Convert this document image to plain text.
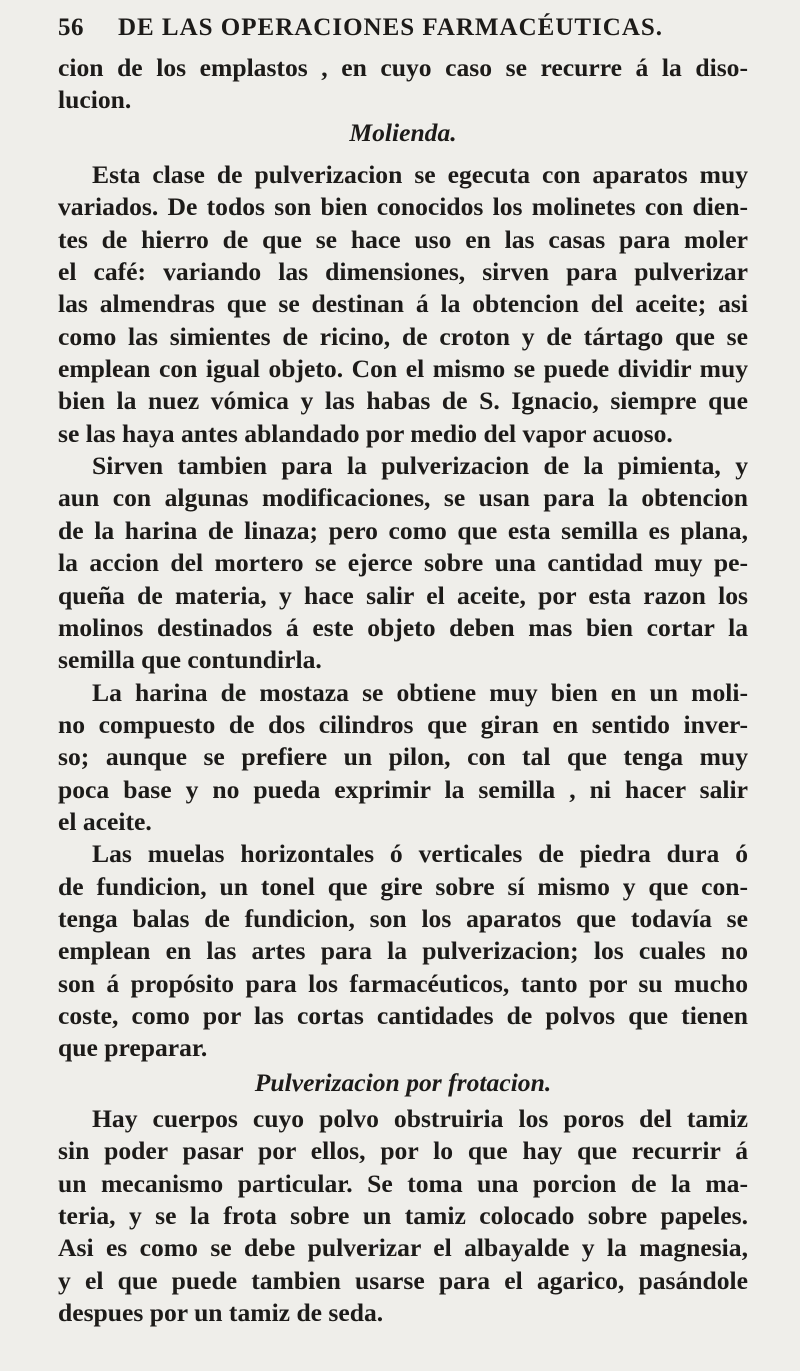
56	DE LAS OPERACIONES FARMACÉUTICAS.
cion de los emplastos , en cuyo caso se recurre á la diso-
lucion.
Molienda.
Esta clase de pulverizacion se egecuta con aparatos muy
variados. De todos son bien conocidos los molinetes con dien-
tes de hierro de que se hace uso en las casas para moler
el café: variando las dimensiones, sirven para pulverizar
las almendras que se destinan á la obtencion del aceite; asi
como las simientes de ricino, de croton y de tártago que se
emplean con igual objeto. Con el mismo se puede dividir muy
bien la nuez vómica y las habas de S. Ignacio, siempre que
se las haya antes ablandado por medio del vapor acuoso.
Sirven tambien para la pulverizacion de la pimienta, y
aun con algunas modificaciones, se usan para la obtencion
de la harina de linaza; pero como que esta semilla es plana,
la accion del mortero se ejerce sobre una cantidad muy pe-
queña de materia, y hace salir el aceite, por esta razon los
molinos destinados á este objeto deben mas bien cortar la
semilla que contundirla.
La harina de mostaza se obtiene muy bien en un moli-
no compuesto de dos cilindros que giran en sentido inver-
so; aunque se prefiere un pilon, con tal que tenga muy
poca base y no pueda exprimir la semilla , ni hacer salir
el aceite.
Las muelas horizontales ó verticales de piedra dura ó
de fundicion, un tonel que gire sobre sí mismo y que con-
tenga balas de fundicion, son los aparatos que todavía se
emplean en las artes para la pulverizacion; los cuales no
son á propósito para los farmacéuticos, tanto por su mucho
coste, como por las cortas cantidades de polvos que tienen
que preparar.
Pulverizacion por frotacion.
Hay cuerpos cuyo polvo obstruiria los poros del tamiz
sin poder pasar por ellos, por lo que hay que recurrir á
un mecanismo particular. Se toma una porcion de la ma-
teria, y se la frota sobre un tamiz colocado sobre papeles.
Asi es como se debe pulverizar el albayalde y la magnesia,
y el que puede tambien usarse para el agarico, pasándole
despues por un tamiz de seda.
